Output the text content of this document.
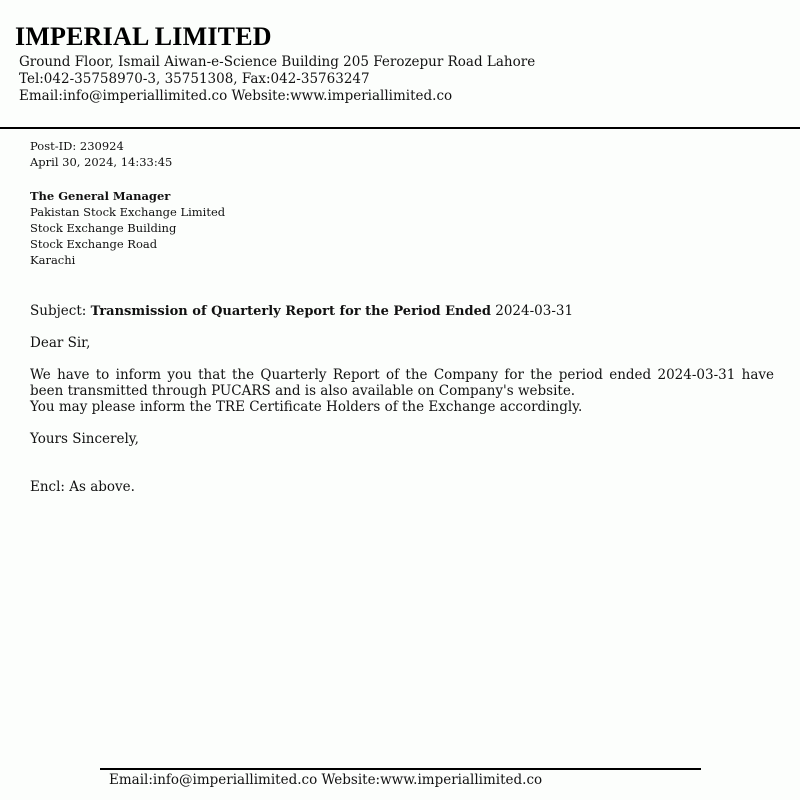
IMPERIAL LIMITED
Ground Floor, Ismail Aiwan-e-Science Building 205 Ferozepur Road Lahore
Tel:042-35758970-3, 35751308, Fax:042-35763247
Email:info@imperiallimited.co Website:www.imperiallimited.co
Post-ID: 230924
April 30, 2024, 14:33:45
The General Manager
Pakistan Stock Exchange Limited
Stock Exchange Building
Stock Exchange Road
Karachi
Subject: Transmission of Quarterly Report for the Period Ended 2024-03-31
Dear Sir,
We have to inform you that the Quarterly Report of the Company for the period ended 2024-03-31 have been transmitted through PUCARS and is also available on Company's website.
You may please inform the TRE Certificate Holders of the Exchange accordingly.
Yours Sincerely,
Encl: As above.
Email:info@imperiallimited.co Website:www.imperiallimited.co
